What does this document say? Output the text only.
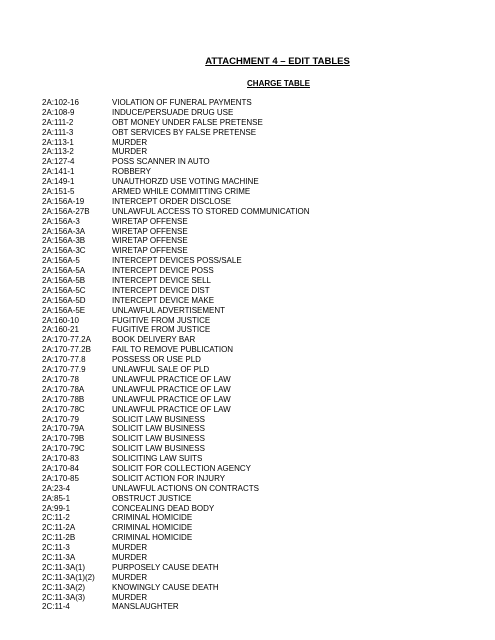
ATTACHMENT 4 – EDIT TABLES
CHARGE TABLE
2A:102-16	VIOLATION OF FUNERAL PAYMENTS
2A:108-9	INDUCE/PERSUADE DRUG USE
2A:111-2	OBT MONEY UNDER FALSE PRETENSE
2A:111-3	OBT SERVICES BY FALSE PRETENSE
2A:113-1	MURDER
2A:113-2	MURDER
2A:127-4	POSS SCANNER IN AUTO
2A:141-1	ROBBERY
2A:149-1	UNAUTHORZD USE VOTING MACHINE
2A:151-5	ARMED WHILE COMMITTING CRIME
2A:156A-19	INTERCEPT ORDER DISCLOSE
2A:156A-27B	UNLAWFUL ACCESS TO STORED COMMUNICATION
2A:156A-3	WIRETAP OFFENSE
2A:156A-3A	WIRETAP OFFENSE
2A:156A-3B	WIRETAP OFFENSE
2A:156A-3C	WIRETAP OFFENSE
2A:156A-5	INTERCEPT DEVICES POSS/SALE
2A:156A-5A	INTERCEPT DEVICE POSS
2A:156A-5B	INTERCEPT DEVICE SELL
2A:156A-5C	INTERCEPT DEVICE DIST
2A:156A-5D	INTERCEPT DEVICE MAKE
2A:156A-5E	UNLAWFUL ADVERTISEMENT
2A:160-10	FUGITIVE FROM JUSTICE
2A:160-21	FUGITIVE FROM JUSTICE
2A:170-77.2A	BOOK DELIVERY BAR
2A:170-77.2B	FAIL TO REMOVE PUBLICATION
2A:170-77.8	POSSESS OR USE PLD
2A:170-77.9	UNLAWFUL SALE OF PLD
2A:170-78	UNLAWFUL PRACTICE OF LAW
2A:170-78A	UNLAWFUL PRACTICE OF LAW
2A:170-78B	UNLAWFUL PRACTICE OF LAW
2A:170-78C	UNLAWFUL PRACTICE OF LAW
2A:170-79	SOLICIT LAW BUSINESS
2A:170-79A	SOLICIT LAW BUSINESS
2A:170-79B	SOLICIT LAW BUSINESS
2A:170-79C	SOLICIT LAW BUSINESS
2A:170-83	SOLICITING LAW SUITS
2A:170-84	SOLICIT FOR COLLECTION AGENCY
2A:170-85	SOLICIT ACTION FOR INJURY
2A:23-4	UNLAWFUL ACTIONS ON CONTRACTS
2A:85-1	OBSTRUCT JUSTICE
2A:99-1	CONCEALING DEAD BODY
2C:11-2	CRIMINAL HOMICIDE
2C:11-2A	CRIMINAL HOMICIDE
2C:11-2B	CRIMINAL HOMICIDE
2C:11-3	MURDER
2C:11-3A	MURDER
2C:11-3A(1)	PURPOSELY CAUSE DEATH
2C:11-3A(1)(2)	MURDER
2C:11-3A(2)	KNOWINGLY CAUSE DEATH
2C:11-3A(3)	MURDER
2C:11-4	MANSLAUGHTER
